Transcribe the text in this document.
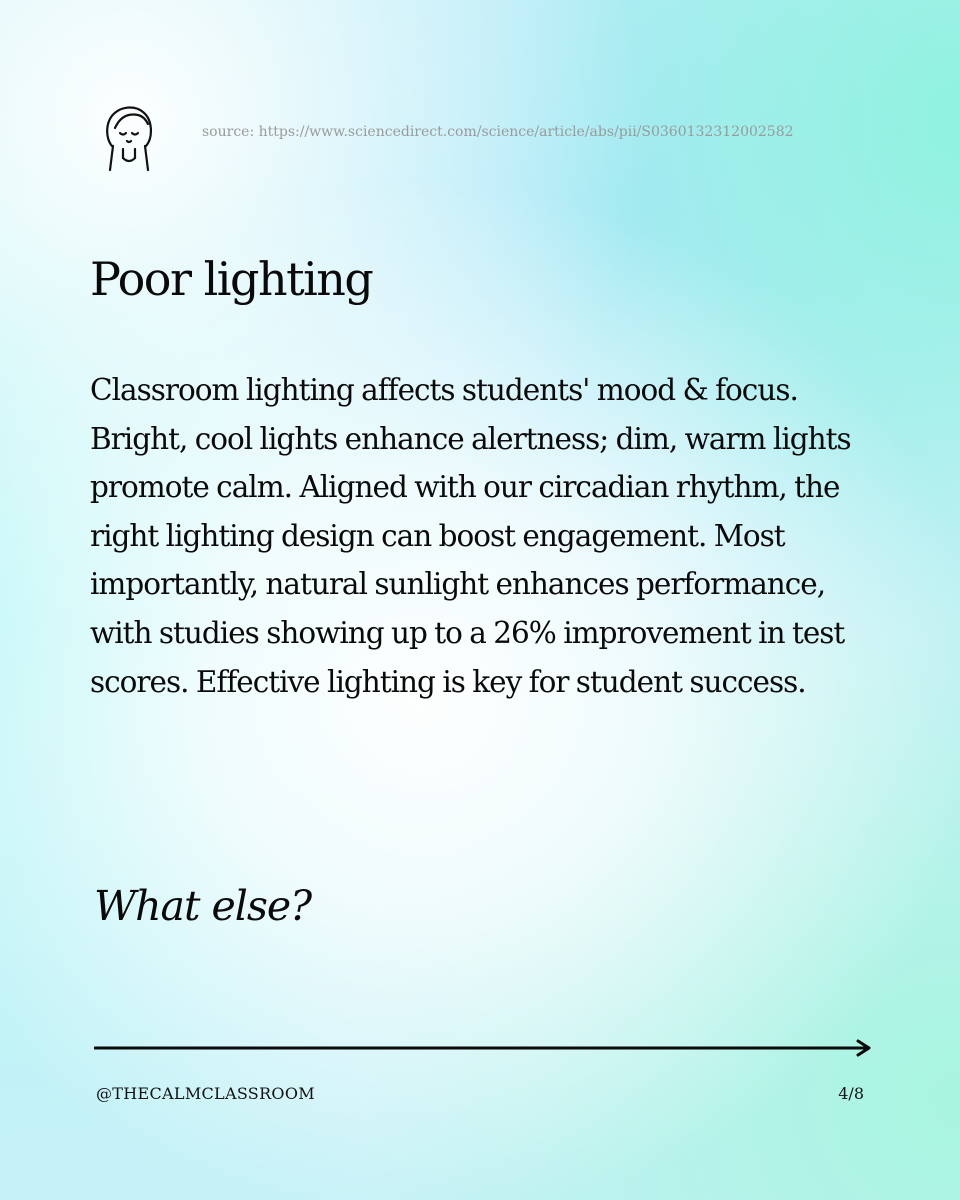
source: https://www.sciencedirect.com/science/article/abs/pii/S0360132312002582
Poor lighting

Classroom lighting affects students' mood & focus. Bright, cool lights enhance alertness; dim, warm lights promote calm. Aligned with our circadian rhythm, the right lighting design can boost engagement. Most importantly, natural sunlight enhances performance, with studies showing up to a 26% improvement in test scores. Effective lighting is key for student success.

What else?

@THECALMCLASSROOM	4/8
